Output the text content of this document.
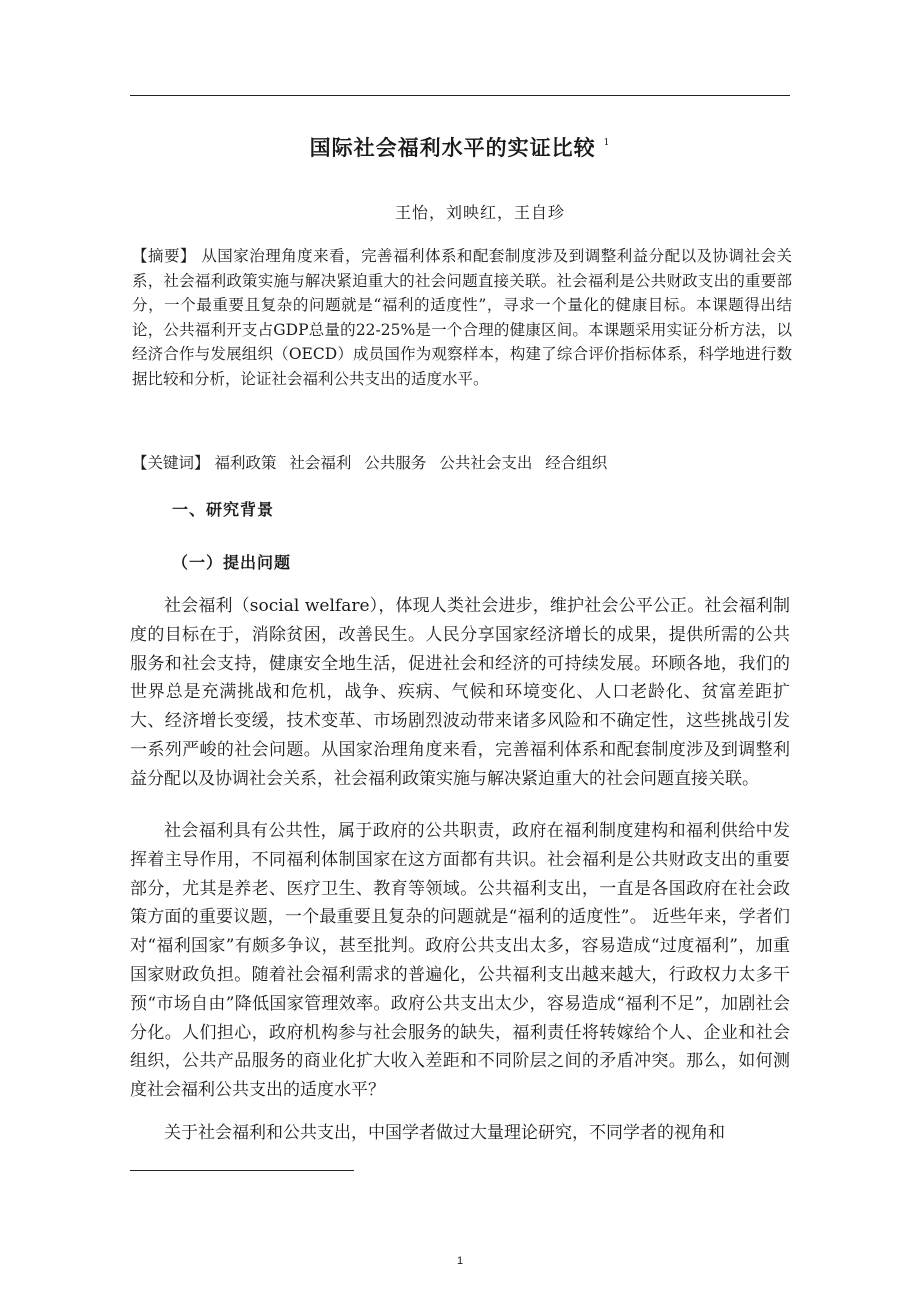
国际社会福利水平的实证比较 $^1$
王怡，刘映红，王自珍
【摘要】 从国家治理角度来看，完善福利体系和配套制度涉及到调整利益分配以及协调社会关系，社会福利政策实施与解决紧迫重大的社会问题直接关联。社会福利是公共财政支出的重要部分，一个最重要且复杂的问题就是“福利的适度性”，寻求一个量化的健康目标。本课题得出结论，公共福利开支占GDP总量的22-25%是一个合理的健康区间。本课题采用实证分析方法，以经济合作与发展组织（OECD）成员国作为观察样本，构建了综合评价指标体系，科学地进行数据比较和分析，论证社会福利公共支出的适度水平。
【关键词】 福利政策 社会福利 公共服务 公共社会支出 经合组织
一、研究背景
（一）提出问题

社会福利（social welfare），体现人类社会进步，维护社会公平公正。社会福利制度的目标在于，消除贫困，改善民生。人民分享国家经济增长的成果，提供所需的公共服务和社会支持，健康安全地生活，促进社会和经济的可持续发展。环顾各地，我们的世界总是充满挑战和危机，战争、疾病、气候和环境变化、人口老龄化、贫富差距扩大、经济增长变缓，技术变革、市场剧烈波动带来诸多风险和不确定性，这些挑战引发一系列严峻的社会问题。从国家治理角度来看，完善福利体系和配套制度涉及到调整利益分配以及协调社会关系，社会福利政策实施与解决紧迫重大的社会问题直接关联。

社会福利具有公共性，属于政府的公共职责，政府在福利制度建构和福利供给中发挥着主导作用，不同福利体制国家在这方面都有共识。社会福利是公共财政支出的重要部分，尤其是养老、医疗卫生、教育等领域。公共福利支出，一直是各国政府在社会政策方面的重要议题，一个最重要且复杂的问题就是“福利的适度性”。 近些年来，学者们对“福利国家”有颇多争议，甚至批判。政府公共支出太多，容易造成“过度福利”，加重国家财政负担。随着社会福利需求的普遍化，公共福利支出越来越大，行政权力太多干预“市场自由”降低国家管理效率。政府公共支出太少，容易造成“福利不足”，加剧社会分化。人们担心，政府机构参与社会服务的缺失，福利责任将转嫁给个人、企业和社会组织，公共产品服务的商业化扩大收入差距和不同阶层之间的矛盾冲突。那么，如何测度社会福利公共支出的适度水平？

关于社会福利和公共支出，中国学者做过大量理论研究，不同学者的视角和

1
